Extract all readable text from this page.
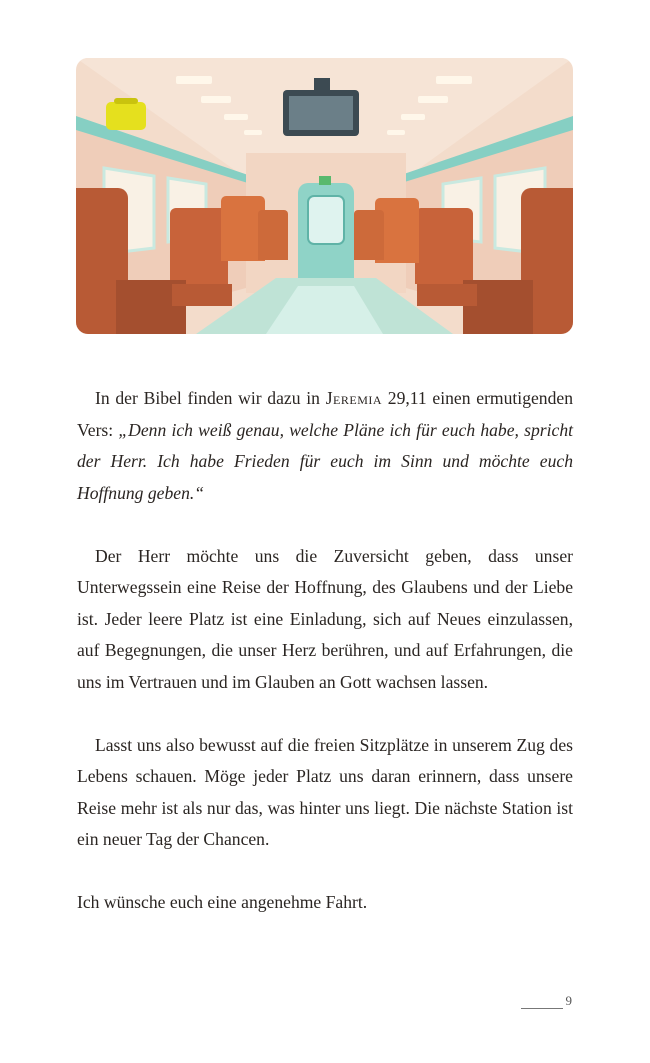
In der Bibel finden wir dazu in Jeremia 29,11 einen ermutigenden Vers: „Denn ich weiß genau, welche Pläne ich für euch habe, spricht der Herr. Ich habe Frieden für euch im Sinn und möchte euch Hoffnung geben.“

Der Herr möchte uns die Zuversicht geben, dass unser Unterwegssein eine Reise der Hoffnung, des Glaubens und der Liebe ist. Jeder leere Platz ist eine Einladung, sich auf Neues einzulassen, auf Begegnungen, die unser Herz berühren, und auf Erfahrungen, die uns im Vertrauen und im Glauben an Gott wachsen lassen.

Lasst uns also bewusst auf die freien Sitzplätze in unserem Zug des Lebens schauen. Möge jeder Platz uns daran erinnern, dass unsere Reise mehr ist als nur das, was hinter uns liegt. Die nächste Station ist ein neuer Tag der Chancen.

Ich wünsche euch eine angenehme Fahrt.

9
